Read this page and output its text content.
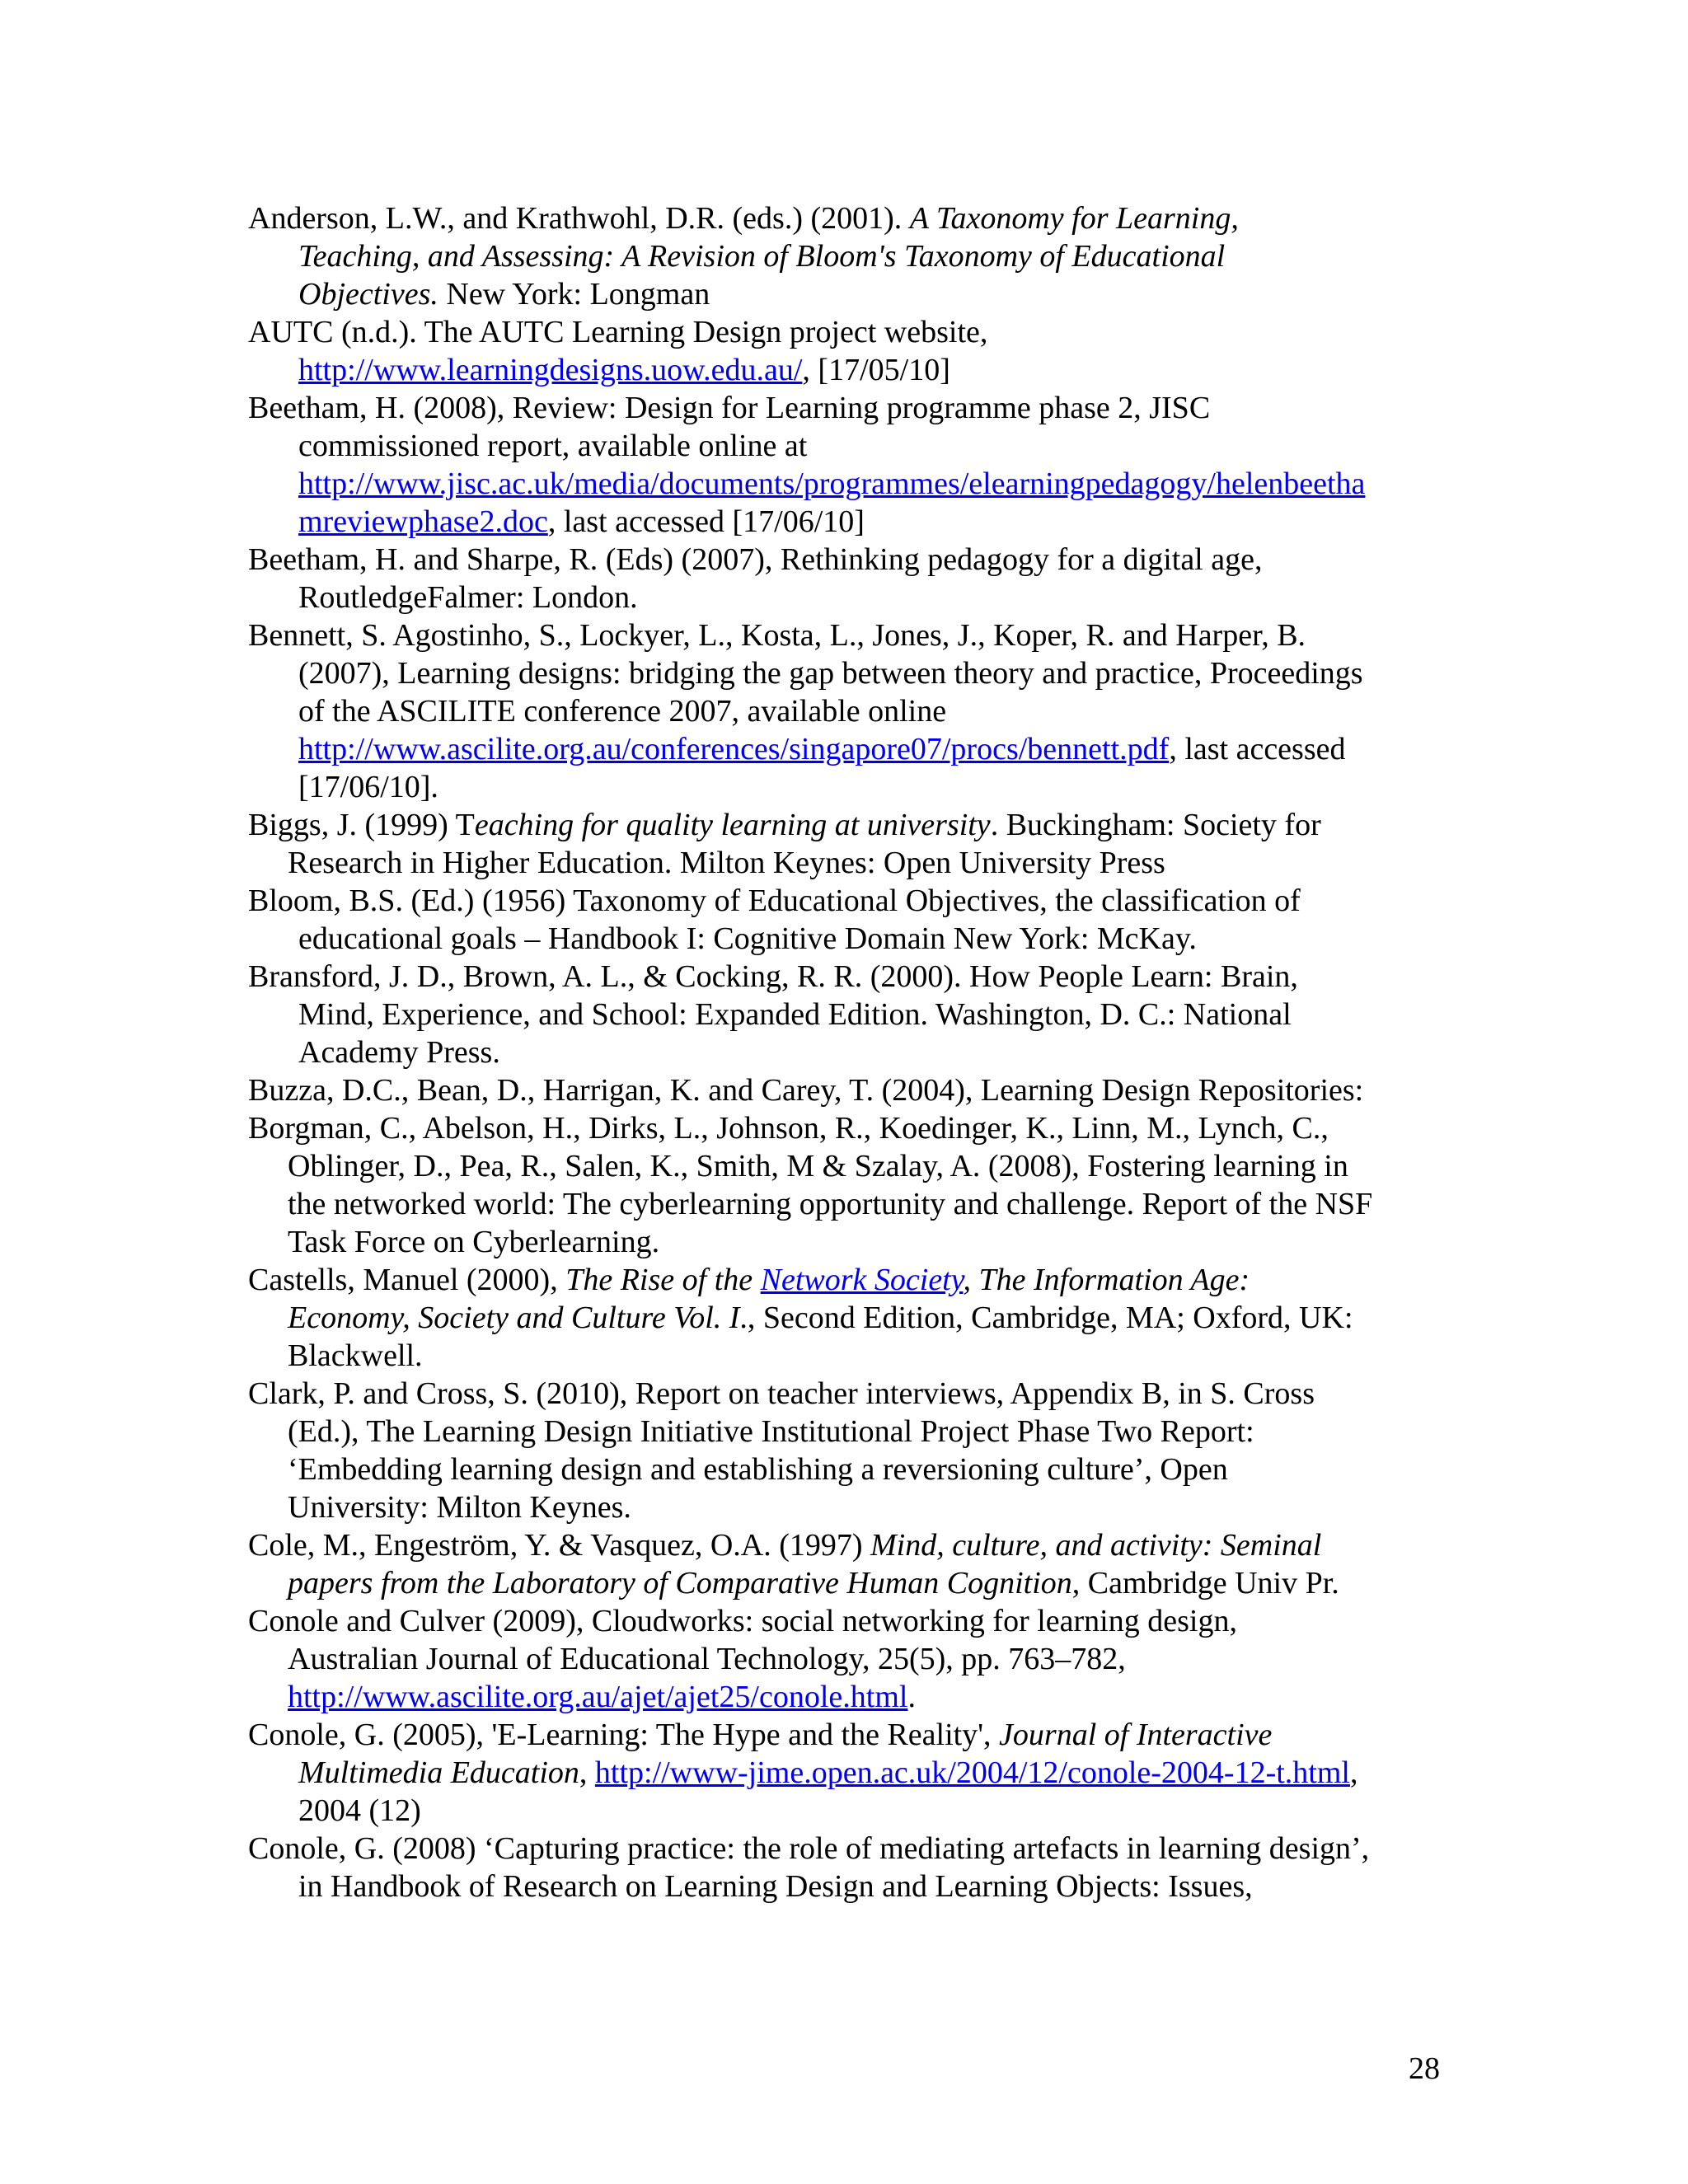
Anderson, L.W., and Krathwohl, D.R. (eds.) (2001). A Taxonomy for Learning,
Teaching, and Assessing: A Revision of Bloom's Taxonomy of Educational
Objectives. New York: Longman
AUTC (n.d.). The AUTC Learning Design project website,
http://www.learningdesigns.uow.edu.au/, [17/05/10]
Beetham, H. (2008), Review: Design for Learning programme phase 2, JISC
commissioned report, available online at
http://www.jisc.ac.uk/media/documents/programmes/elearningpedagogy/helenbeetha
mreviewphase2.doc, last accessed [17/06/10]
Beetham, H. and Sharpe, R. (Eds) (2007), Rethinking pedagogy for a digital age,
RoutledgeFalmer: London.
Bennett, S. Agostinho, S., Lockyer, L., Kosta, L., Jones, J., Koper, R. and Harper, B.
(2007), Learning designs: bridging the gap between theory and practice, Proceedings
of the ASCILITE conference 2007, available online
http://www.ascilite.org.au/conferences/singapore07/procs/bennett.pdf, last accessed
[17/06/10].
Biggs, J. (1999) Teaching for quality learning at university. Buckingham: Society for
Research in Higher Education. Milton Keynes: Open University Press
Bloom, B.S. (Ed.) (1956) Taxonomy of Educational Objectives, the classification of
educational goals – Handbook I: Cognitive Domain New York: McKay.
Bransford, J. D., Brown, A. L., & Cocking, R. R. (2000). How People Learn: Brain,
Mind, Experience, and School: Expanded Edition. Washington, D. C.: National
Academy Press.
Buzza, D.C., Bean, D., Harrigan, K. and Carey, T. (2004), Learning Design Repositories:
Borgman, C., Abelson, H., Dirks, L., Johnson, R., Koedinger, K., Linn, M., Lynch, C.,
Oblinger, D., Pea, R., Salen, K., Smith, M & Szalay, A. (2008), Fostering learning in
the networked world: The cyberlearning opportunity and challenge. Report of the NSF
Task Force on Cyberlearning.
Castells, Manuel (2000), The Rise of the Network Society, The Information Age:
Economy, Society and Culture Vol. I., Second Edition, Cambridge, MA; Oxford, UK:
Blackwell.
Clark, P. and Cross, S. (2010), Report on teacher interviews, Appendix B, in S. Cross
(Ed.), The Learning Design Initiative Institutional Project Phase Two Report:
‘Embedding learning design and establishing a reversioning culture’, Open
University: Milton Keynes.
Cole, M., Engeström, Y. & Vasquez, O.A. (1997) Mind, culture, and activity: Seminal
papers from the Laboratory of Comparative Human Cognition, Cambridge Univ Pr.
Conole and Culver (2009), Cloudworks: social networking for learning design,
Australian Journal of Educational Technology, 25(5), pp. 763–782,
http://www.ascilite.org.au/ajet/ajet25/conole.html.
Conole, G. (2005), 'E-Learning: The Hype and the Reality', Journal of Interactive
Multimedia Education, http://www-jime.open.ac.uk/2004/12/conole-2004-12-t.html,
2004 (12)
Conole, G. (2008) ‘Capturing practice: the role of mediating artefacts in learning design’,
in Handbook of Research on Learning Design and Learning Objects: Issues,
28
